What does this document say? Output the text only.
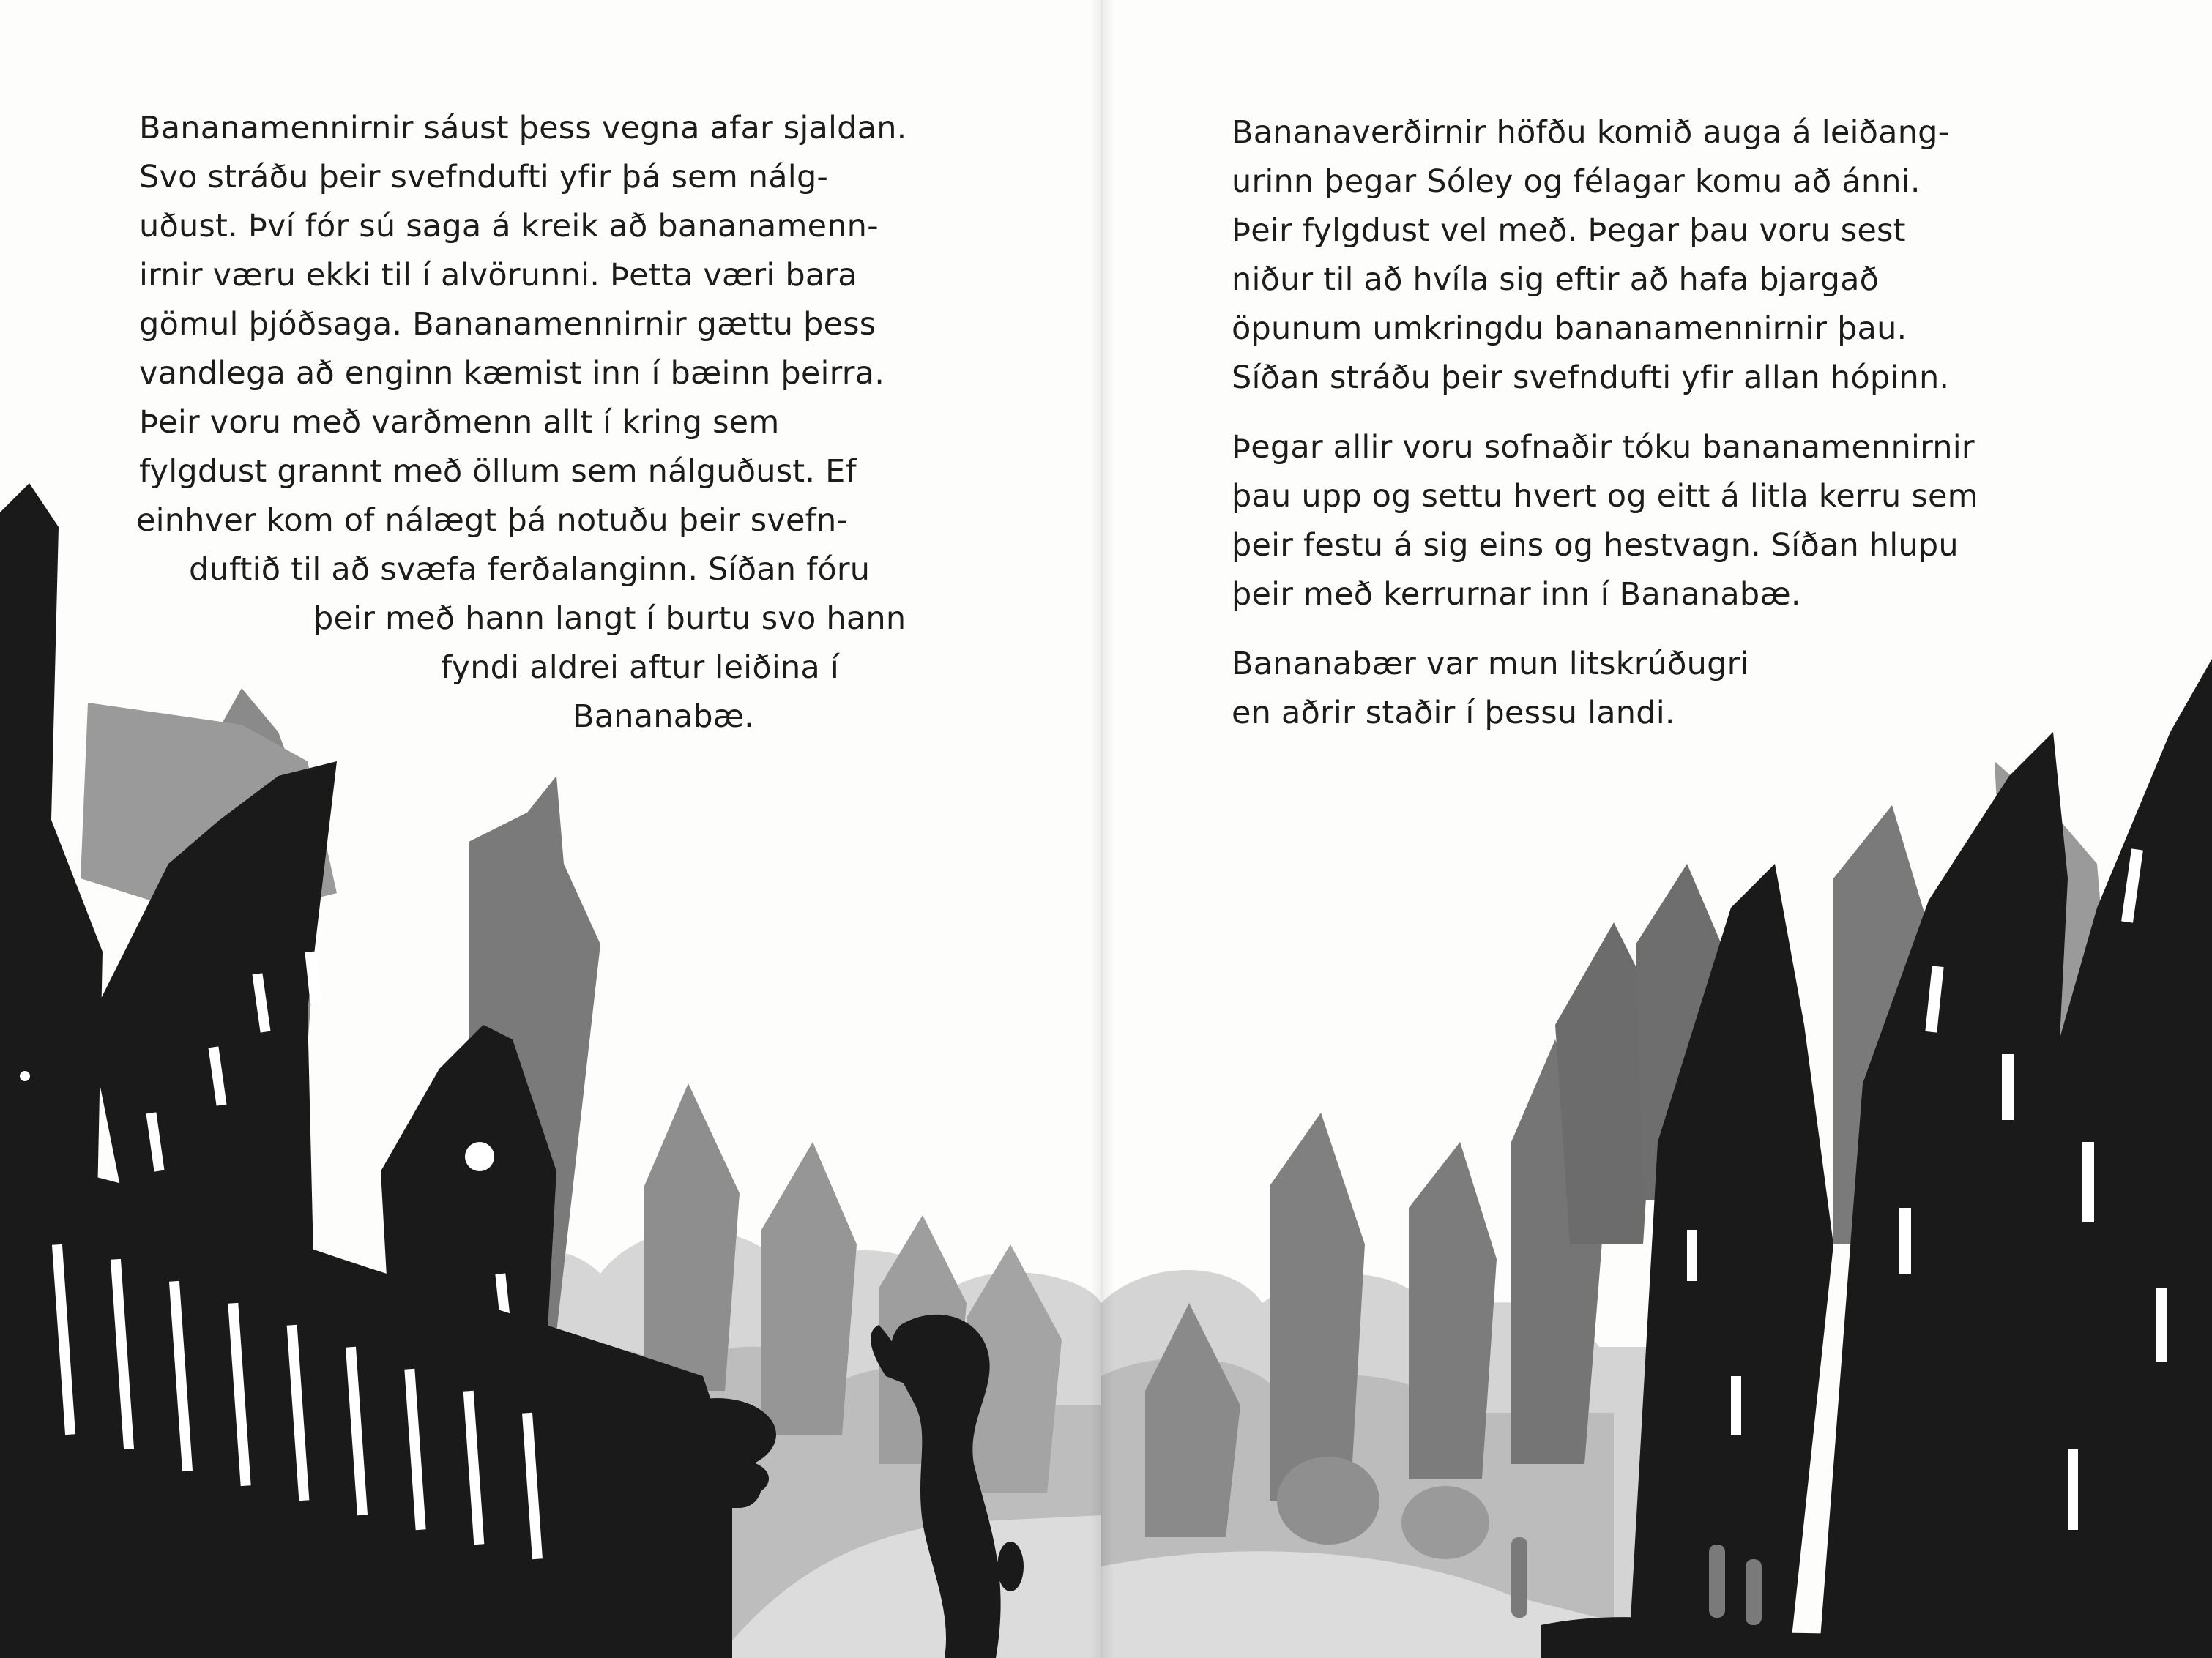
Bananamennirnir sáust þess vegna afar sjaldan.
Svo stráðu þeir svefndufti yfir þá sem nálg-
uðust. Því fór sú saga á kreik að bananamenn-
irnir væru ekki til í alvörunni. Þetta væri bara
gömul þjóðsaga. Bananamennirnir gættu þess
vandlega að enginn kæmist inn í bæinn þeirra.
Þeir voru með varðmenn allt í kring sem
fylgdust grannt með öllum sem nálguðust. Ef
einhver kom of nálægt þá notuðu þeir svefn-
duftið til að svæfa ferðalanginn. Síðan fóru
þeir með hann langt í burtu svo hann
fyndi aldrei aftur leiðina í
Bananabæ.
Bananaverðirnir höfðu komið auga á leiðang-
urinn þegar Sóley og félagar komu að ánni.
Þeir fylgdust vel með. Þegar þau voru sest
niður til að hvíla sig eftir að hafa bjargað
öpunum umkringdu bananamennirnir þau.
Síðan stráðu þeir svefndufti yfir allan hópinn.
Þegar allir voru sofnaðir tóku bananamennirnir
þau upp og settu hvert og eitt á litla kerru sem
þeir festu á sig eins og hestvagn. Síðan hlupu
þeir með kerrurnar inn í Bananabæ.
Bananabær var mun litskrúðugri
en aðrir staðir í þessu landi.
